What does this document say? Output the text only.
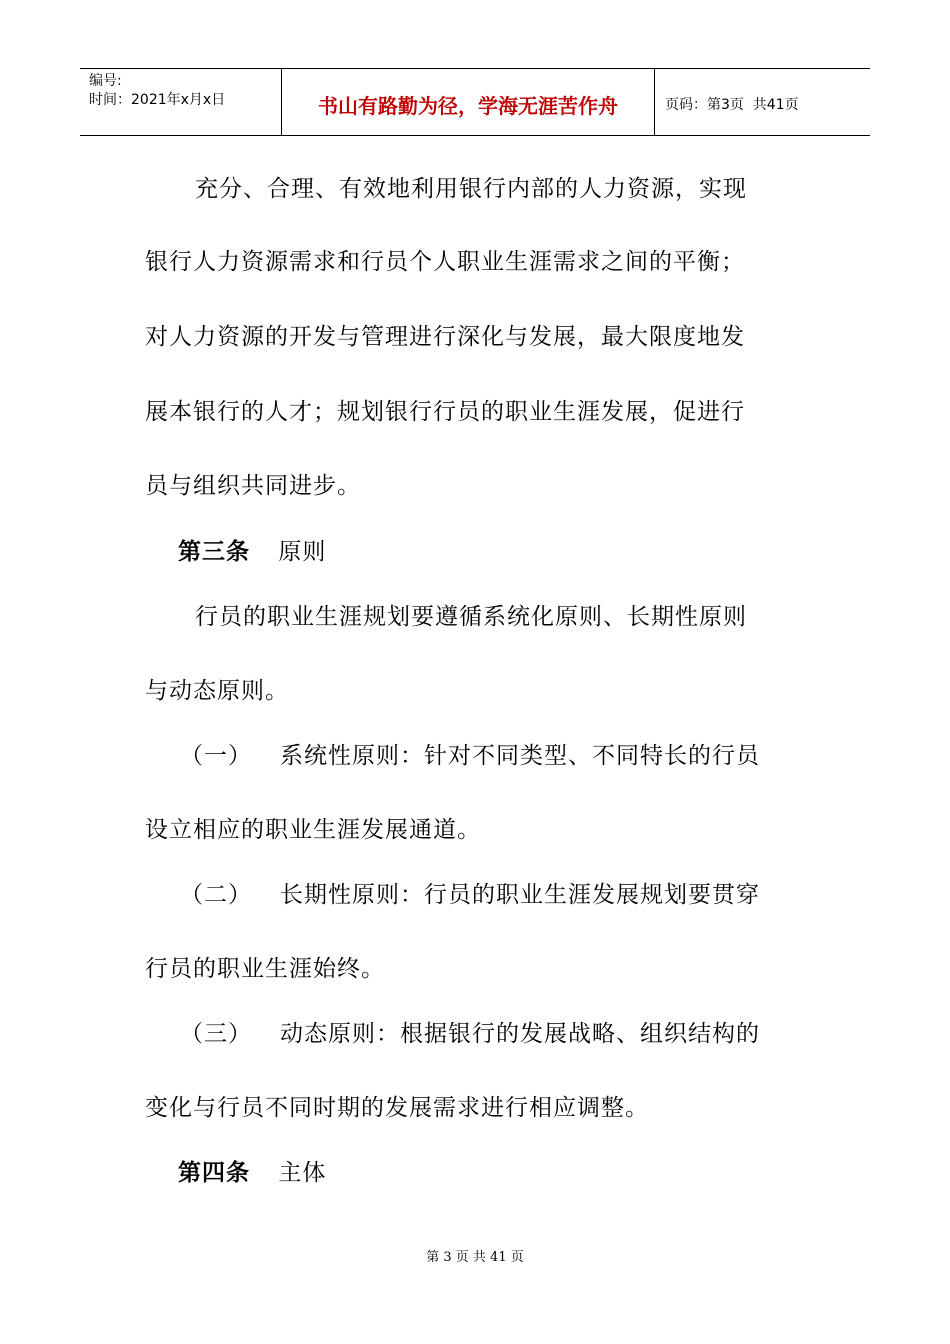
编号:
时间：2021年x月x日	书山有路勤为径，学海无涯苦作舟	页码：第3页  共41页
充分、合理、有效地利用银行内部的人力资源，实现
银行人力资源需求和行员个人职业生涯需求之间的平衡；
对人力资源的开发与管理进行深化与发展，最大限度地发
展本银行的人才；规划银行行员的职业生涯发展，促进行
员与组织共同进步。
第三条 原则
行员的职业生涯规划要遵循系统化原则、长期性原则
与动态原则。
（一） 系统性原则：针对不同类型、不同特长的行员
设立相应的职业生涯发展通道。
（二） 长期性原则：行员的职业生涯发展规划要贯穿
行员的职业生涯始终。
（三） 动态原则：根据银行的发展战略、组织结构的
变化与行员不同时期的发展需求进行相应调整。
第四条 主体
第 3 页 共 41 页
